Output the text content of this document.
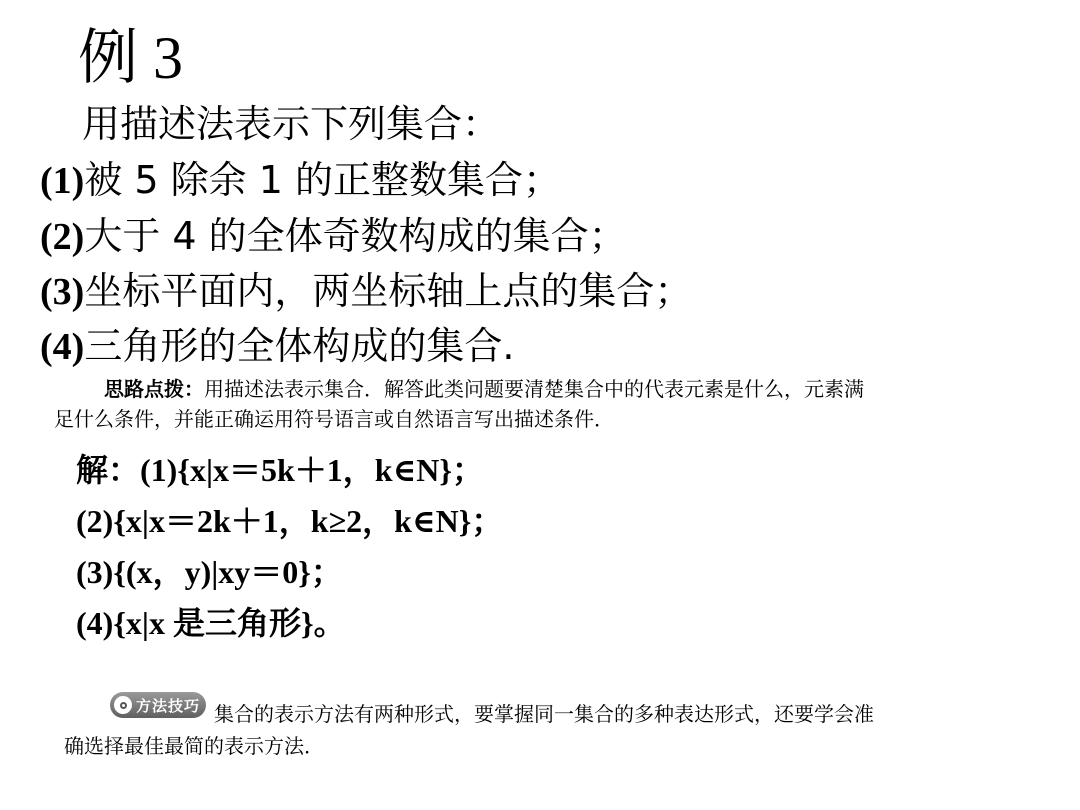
例 3
用描述法表示下列集合：
(1)被 5 除余 1 的正整数集合；
(2)大于 4 的全体奇数构成的集合；
(3)坐标平面内，两坐标轴上点的集合；
(4)三角形的全体构成的集合.
思路点拨：用描述法表示集合．解答此类问题要清楚集合中的代表元素是什么，元素满
足什么条件，并能正确运用符号语言或自然语言写出描述条件．
解：(1){x|x＝5k＋1，k∈N}；
(2){x|x＝2k＋1，k≥2，k∈N}；
(3){(x，y)|xy＝0}；
(4){x|x 是三角形}。
方法技巧 集合的表示方法有两种形式，要掌握同一集合的多种表达形式，还要学会准
确选择最佳最简的表示方法．
